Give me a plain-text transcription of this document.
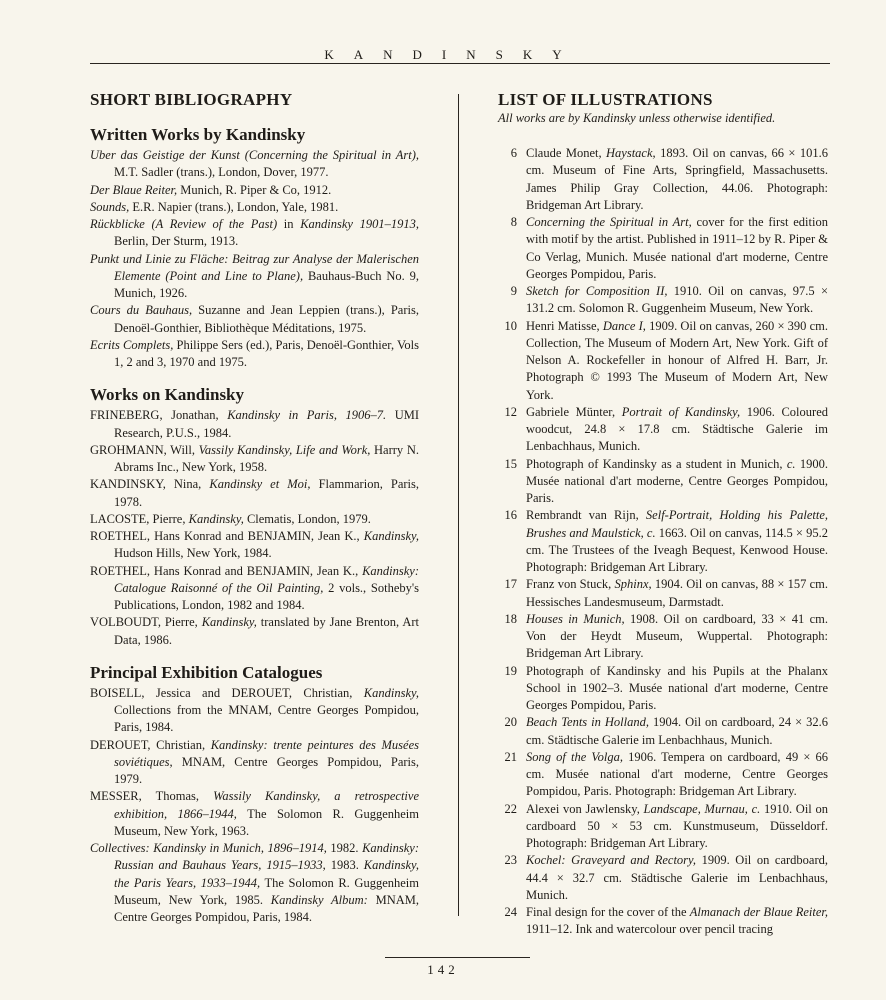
KANDINSKY
SHORT BIBLIOGRAPHY
Written Works by Kandinsky
Uber das Geistige der Kunst (Concerning the Spiritual in Art), M.T. Sadler (trans.), London, Dover, 1977.
Der Blaue Reiter, Munich, R. Piper & Co, 1912.
Sounds, E.R. Napier (trans.), London, Yale, 1981.
Rückblicke (A Review of the Past) in Kandinsky 1901–1913, Berlin, Der Sturm, 1913.
Punkt und Linie zu Fläche: Beitrag zur Analyse der Malerischen Elemente (Point and Line to Plane), Bauhaus-Buch No. 9, Munich, 1926.
Cours du Bauhaus, Suzanne and Jean Leppien (trans.), Paris, Denoël-Gonthier, Bibliothèque Méditations, 1975.
Ecrits Complets, Philippe Sers (ed.), Paris, Denoël-Gonthier, Vols 1, 2 and 3, 1970 and 1975.
Works on Kandinsky
FRINEBERG, Jonathan, Kandinsky in Paris, 1906–7. UMI Research, P.U.S., 1984.
GROHMANN, Will, Vassily Kandinsky, Life and Work, Harry N. Abrams Inc., New York, 1958.
KANDINSKY, Nina, Kandinsky et Moi, Flammarion, Paris, 1978.
LACOSTE, Pierre, Kandinsky, Clematis, London, 1979.
ROETHEL, Hans Konrad and BENJAMIN, Jean K., Kandinsky, Hudson Hills, New York, 1984.
ROETHEL, Hans Konrad and BENJAMIN, Jean K., Kandinsky: Catalogue Raisonné of the Oil Painting, 2 vols., Sotheby's Publications, London, 1982 and 1984.
VOLBOUDT, Pierre, Kandinsky, translated by Jane Brenton, Art Data, 1986.
Principal Exhibition Catalogues
BOISELL, Jessica and DEROUET, Christian, Kandinsky, Collections from the MNAM, Centre Georges Pompidou, Paris, 1984.
DEROUET, Christian, Kandinsky: trente peintures des Musées soviétiques, MNAM, Centre Georges Pompidou, Paris, 1979.
MESSER, Thomas, Wassily Kandinsky, a retrospective exhibition, 1866–1944, The Solomon R. Guggenheim Museum, New York, 1963.
Collectives: Kandinsky in Munich, 1896–1914, 1982. Kandinsky: Russian and Bauhaus Years, 1915–1933, 1983. Kandinsky, the Paris Years, 1933–1944, The Solomon R. Guggenheim Museum, New York, 1985. Kandinsky Album: MNAM, Centre Georges Pompidou, Paris, 1984.
LIST OF ILLUSTRATIONS

All works are by Kandinsky unless otherwise identified.

6 Claude Monet, Haystack, 1893. Oil on canvas, 66 × 101.6 cm. Museum of Fine Arts, Springfield, Massachusetts. James Philip Gray Collection, 44.06. Photograph: Bridgeman Art Library.
8 Concerning the Spiritual in Art, cover for the first edition with motif by the artist. Published in 1911–12 by R. Piper & Co Verlag, Munich. Musée national d'art moderne, Centre Georges Pompidou, Paris.
9 Sketch for Composition II, 1910. Oil on canvas, 97.5 × 131.2 cm. Solomon R. Guggenheim Museum, New York.
10 Henri Matisse, Dance I, 1909. Oil on canvas, 260 × 390 cm. Collection, The Museum of Modern Art, New York. Gift of Nelson A. Rockefeller in honour of Alfred H. Barr, Jr. Photograph © 1993 The Museum of Modern Art, New York.
12 Gabriele Münter, Portrait of Kandinsky, 1906. Coloured woodcut, 24.8 × 17.8 cm. Städtische Galerie im Lenbachhaus, Munich.
15 Photograph of Kandinsky as a student in Munich, c. 1900. Musée national d'art moderne, Centre Georges Pompidou, Paris.
16 Rembrandt van Rijn, Self-Portrait, Holding his Palette, Brushes and Maulstick, c. 1663. Oil on canvas, 114.5 × 95.2 cm. The Trustees of the Iveagh Bequest, Kenwood House. Photograph: Bridgeman Art Library.
17 Franz von Stuck, Sphinx, 1904. Oil on canvas, 88 × 157 cm. Hessisches Landesmuseum, Darmstadt.
18 Houses in Munich, 1908. Oil on cardboard, 33 × 41 cm. Von der Heydt Museum, Wuppertal. Photograph: Bridgeman Art Library.
19 Photograph of Kandinsky and his Pupils at the Phalanx School in 1902–3. Musée national d'art moderne, Centre Georges Pompidou, Paris.
20 Beach Tents in Holland, 1904. Oil on cardboard, 24 × 32.6 cm. Städtische Galerie im Lenbachhaus, Munich.
21 Song of the Volga, 1906. Tempera on cardboard, 49 × 66 cm. Musée national d'art moderne, Centre Georges Pompidou, Paris. Photograph: Bridgeman Art Library.
22 Alexei von Jawlensky, Landscape, Murnau, c. 1910. Oil on cardboard 50 × 53 cm. Kunstmuseum, Düsseldorf. Photograph: Bridgeman Art Library.
23 Kochel: Graveyard and Rectory, 1909. Oil on cardboard, 44.4 × 32.7 cm. Städtische Galerie im Lenbachhaus, Munich.
24 Final design for the cover of the Almanach der Blaue Reiter, 1911–12. Ink and watercolour over pencil tracing
142
